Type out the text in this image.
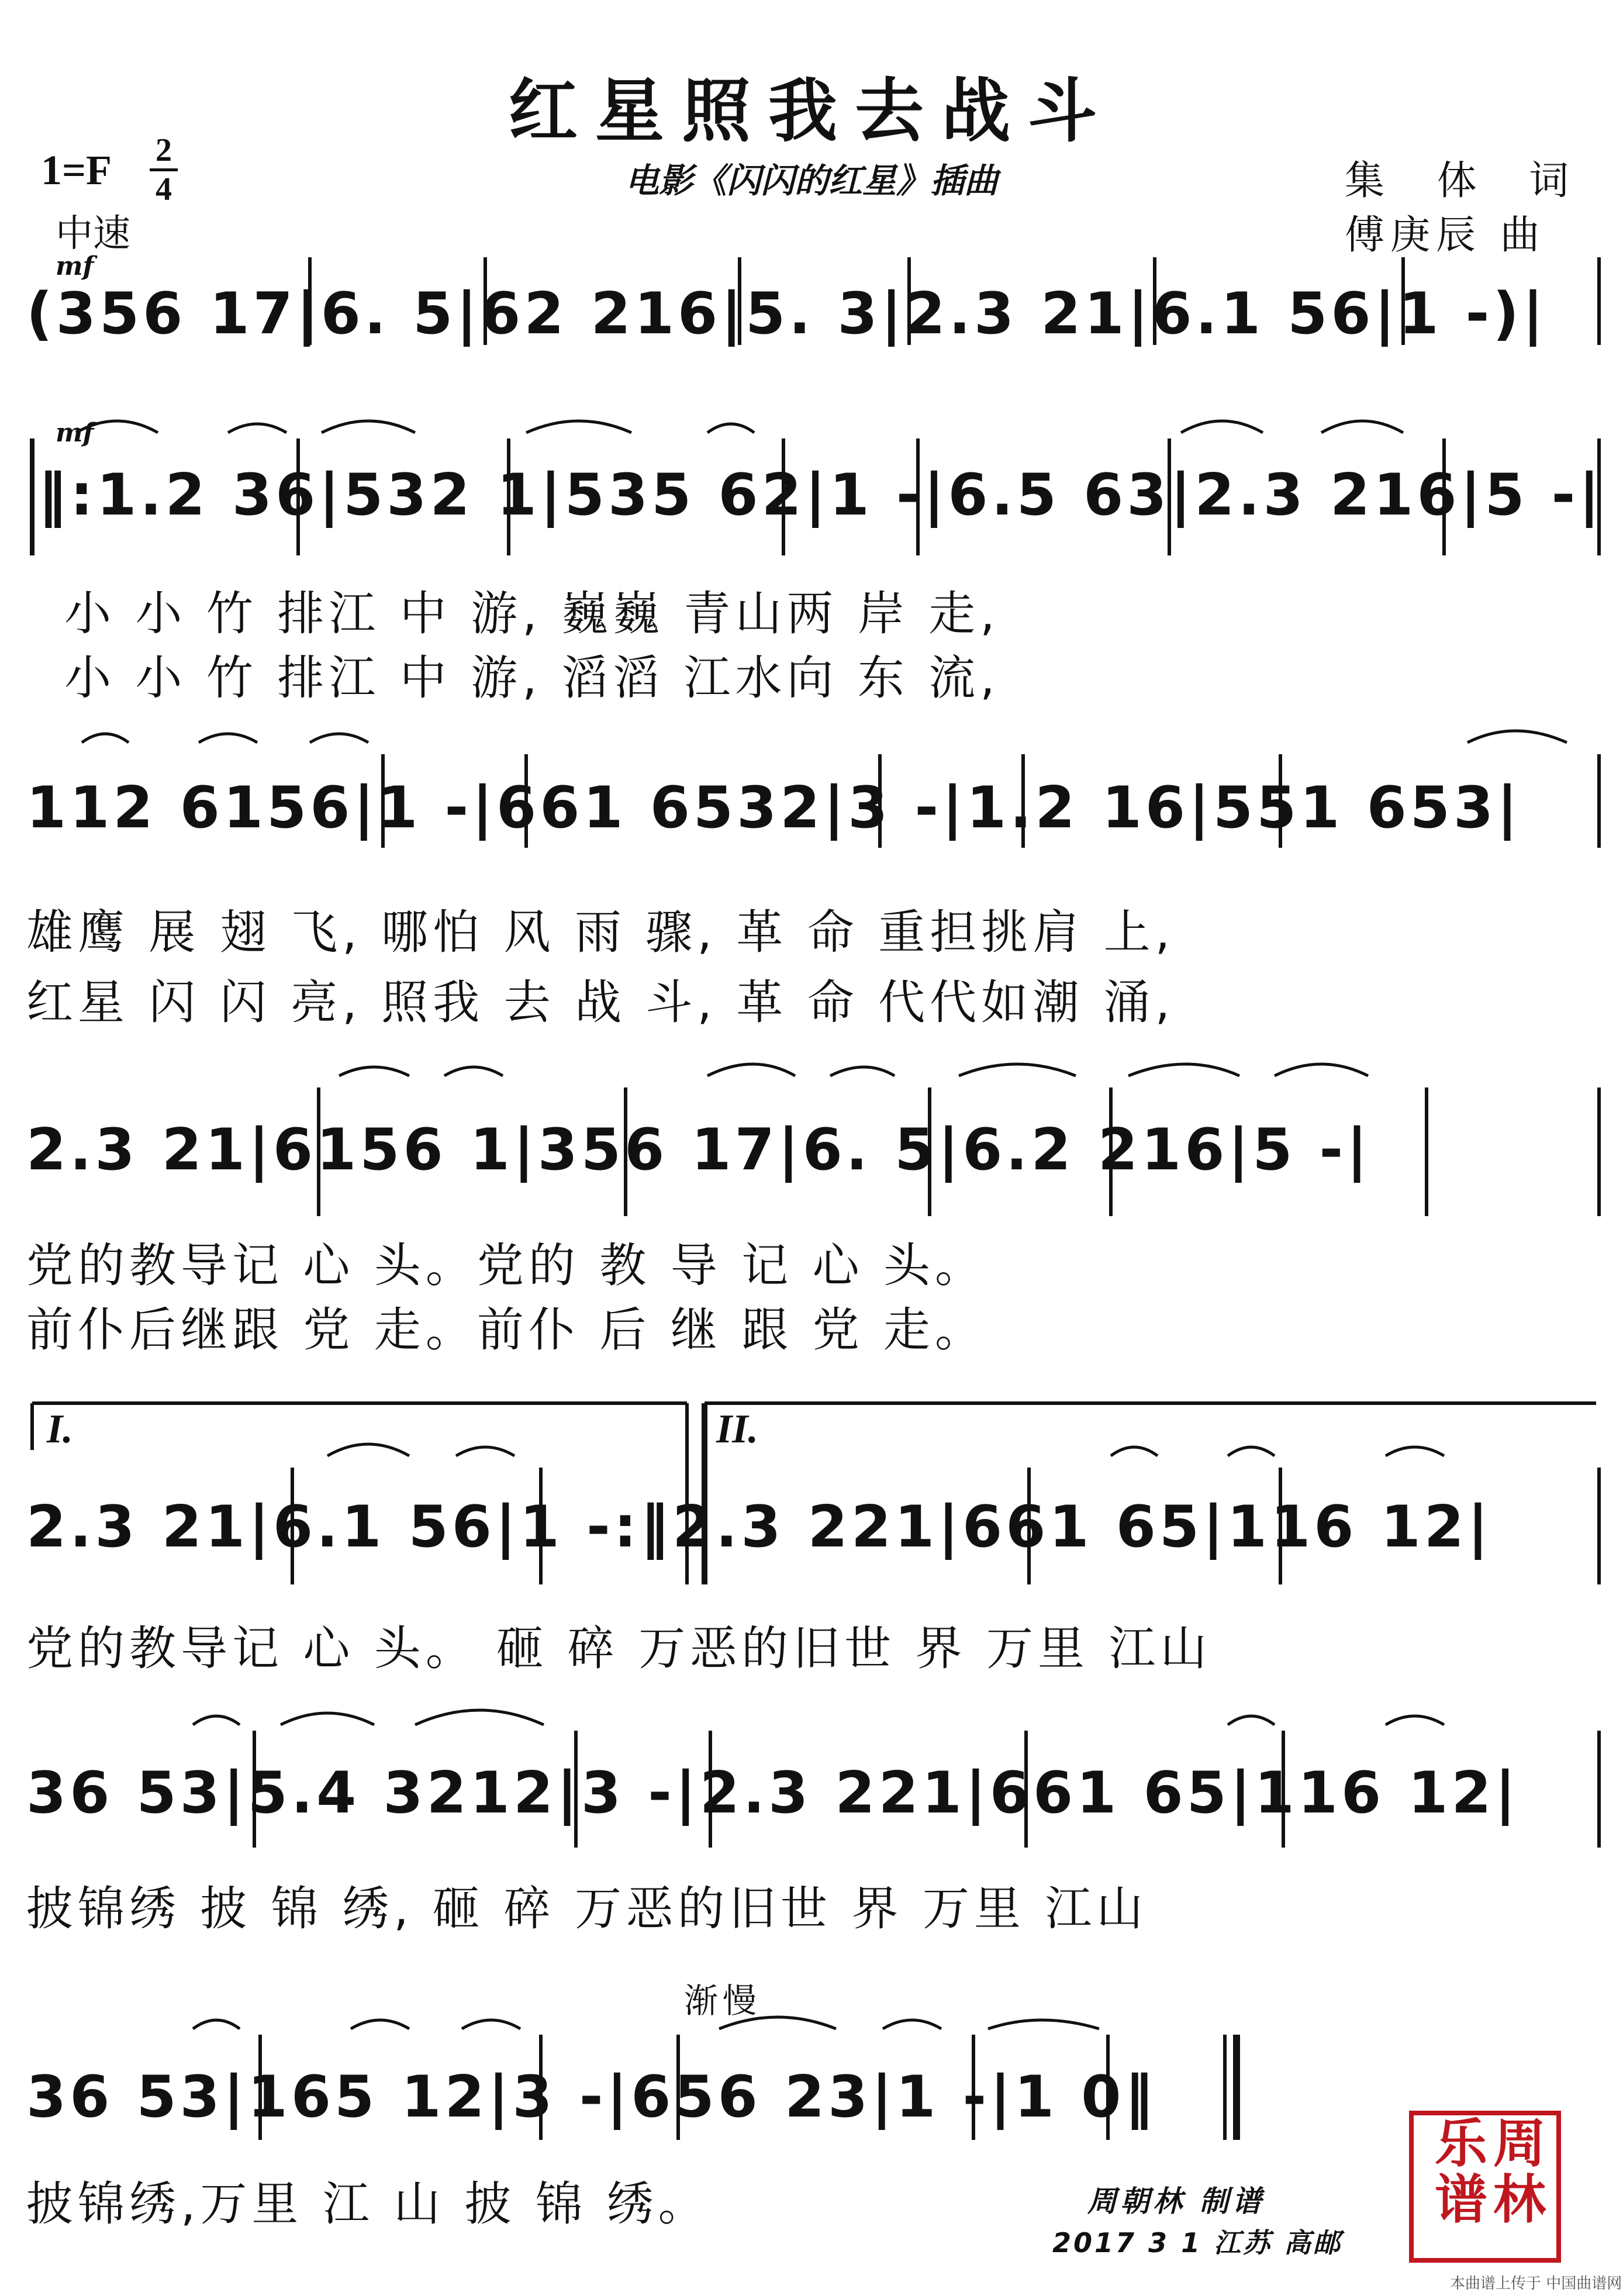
红星照我去战斗
1=F 2
4
中速
电影《闪闪的红星》插曲	集 体 词
傅庚辰 曲
mf
(356 17|6. 5|62 216|5. 3|2.3 21|6.1 56|1 -)|
mf
‖:1.2 36|532 1|535 62|1 -|6.5 63|2.3 216|5 -|
小 小 竹 排江 中 游, 巍巍 青山两 岸 走,
小 小 竹 排江 中 游, 滔滔 江水向 东 流,
112 6156|1 -|661 6532|3 -|1.2 16|551 653|
雄鹰 展 翅 飞, 哪怕 风 雨 骤, 革 命 重担挑肩 上,
红星 闪 闪 亮, 照我 去 战 斗, 革 命 代代如潮 涌,
2.3 21|6156 1|356 17|6. 5|6.2 216|5 -|
党的教导记 心 头。党的 教 导 记 心 头。
前仆后继跟 党 走。前仆 后 继 跟 党 走。
I.	II.
2.3 21|6.1 56|1 -:‖2.3 221|661 65|116 12|
党的教导记 心 头。 砸 碎 万恶的旧世 界 万里 江山
36 53|5.4 3212|3 -|2.3 221|661 65|116 12|
披锦绣 披 锦 绣, 砸 碎 万恶的旧世 界 万里 江山
渐慢
36 53|165 12|3 -|656 23|1 -|1 0‖
披锦绣,万里 江 山 披 锦 绣。	周朝林 制谱
2017 3 1 江苏 高邮
周林乐谱
本曲谱上传于 中国曲谱网
